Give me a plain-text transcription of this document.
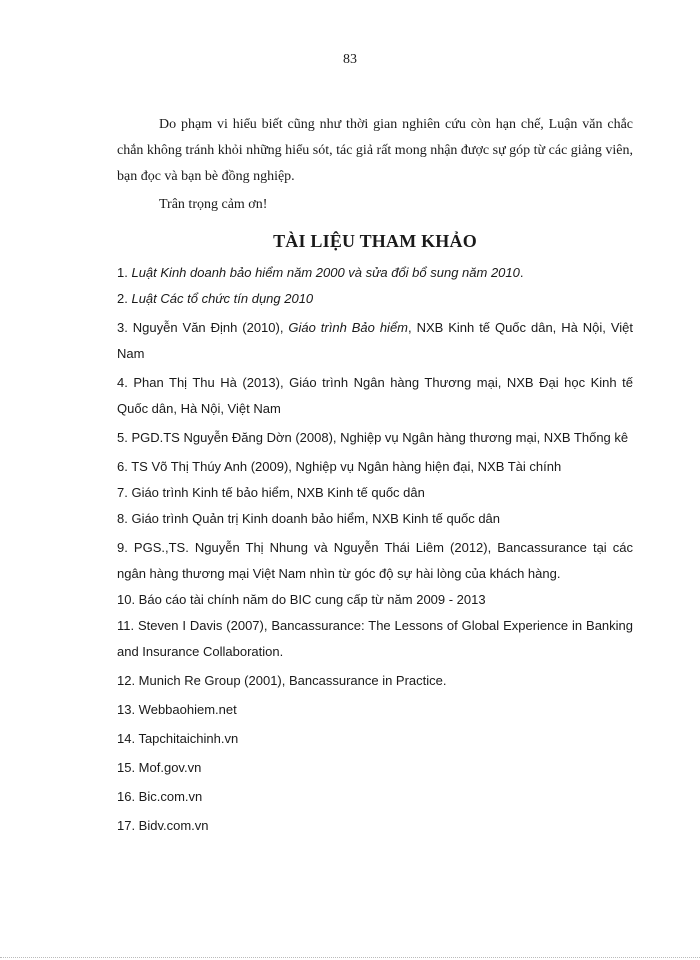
83

Do phạm vi hiểu biết cũng như thời gian nghiên cứu còn hạn chế, Luận văn chắc chắn không tránh khỏi những hiểu sót, tác giả rất mong nhận được sự góp từ các giảng viên, bạn đọc và bạn bè đồng nghiệp.

Trân trọng cảm ơn!

TÀI LIỆU THAM KHẢO

1. Luật Kinh doanh bảo hiểm năm 2000 và sửa đổi bổ sung năm 2010.

2. Luật Các tổ chức tín dụng 2010

3. Nguyễn Văn Định (2010), Giáo trình Bảo hiểm, NXB Kinh tế Quốc dân, Hà Nội, Việt Nam

4. Phan Thị Thu Hà (2013), Giáo trình Ngân hàng Thương mại, NXB Đại học Kinh tế Quốc dân, Hà Nội, Việt Nam

5. PGD.TS Nguyễn Đăng Dờn (2008), Nghiệp vụ Ngân hàng thương mại, NXB Thống kê

6. TS Võ Thị Thúy Anh (2009), Nghiệp vụ Ngân hàng hiện đại, NXB Tài chính

7. Giáo trình Kinh tế bảo hiểm, NXB Kinh tế quốc dân

8. Giáo trình Quản trị Kinh doanh bảo hiểm, NXB Kinh tế quốc dân

9. PGS.,TS. Nguyễn Thị Nhung và Nguyễn Thái Liêm (2012), Bancassurance tại các ngân hàng thương mại Việt Nam nhìn từ góc độ sự hài lòng của khách hàng.

10. Báo cáo tài chính năm do BIC cung cấp từ năm 2009 - 2013

11. Steven I Davis (2007), Bancassurance: The Lessons of Global Experience in Banking and Insurance Collaboration.

12. Munich Re Group (2001), Bancassurance in Practice.

13. Webbaohiem.net

14. Tapchitaichinh.vn

15. Mof.gov.vn

16. Bic.com.vn

17. Bidv.com.vn
